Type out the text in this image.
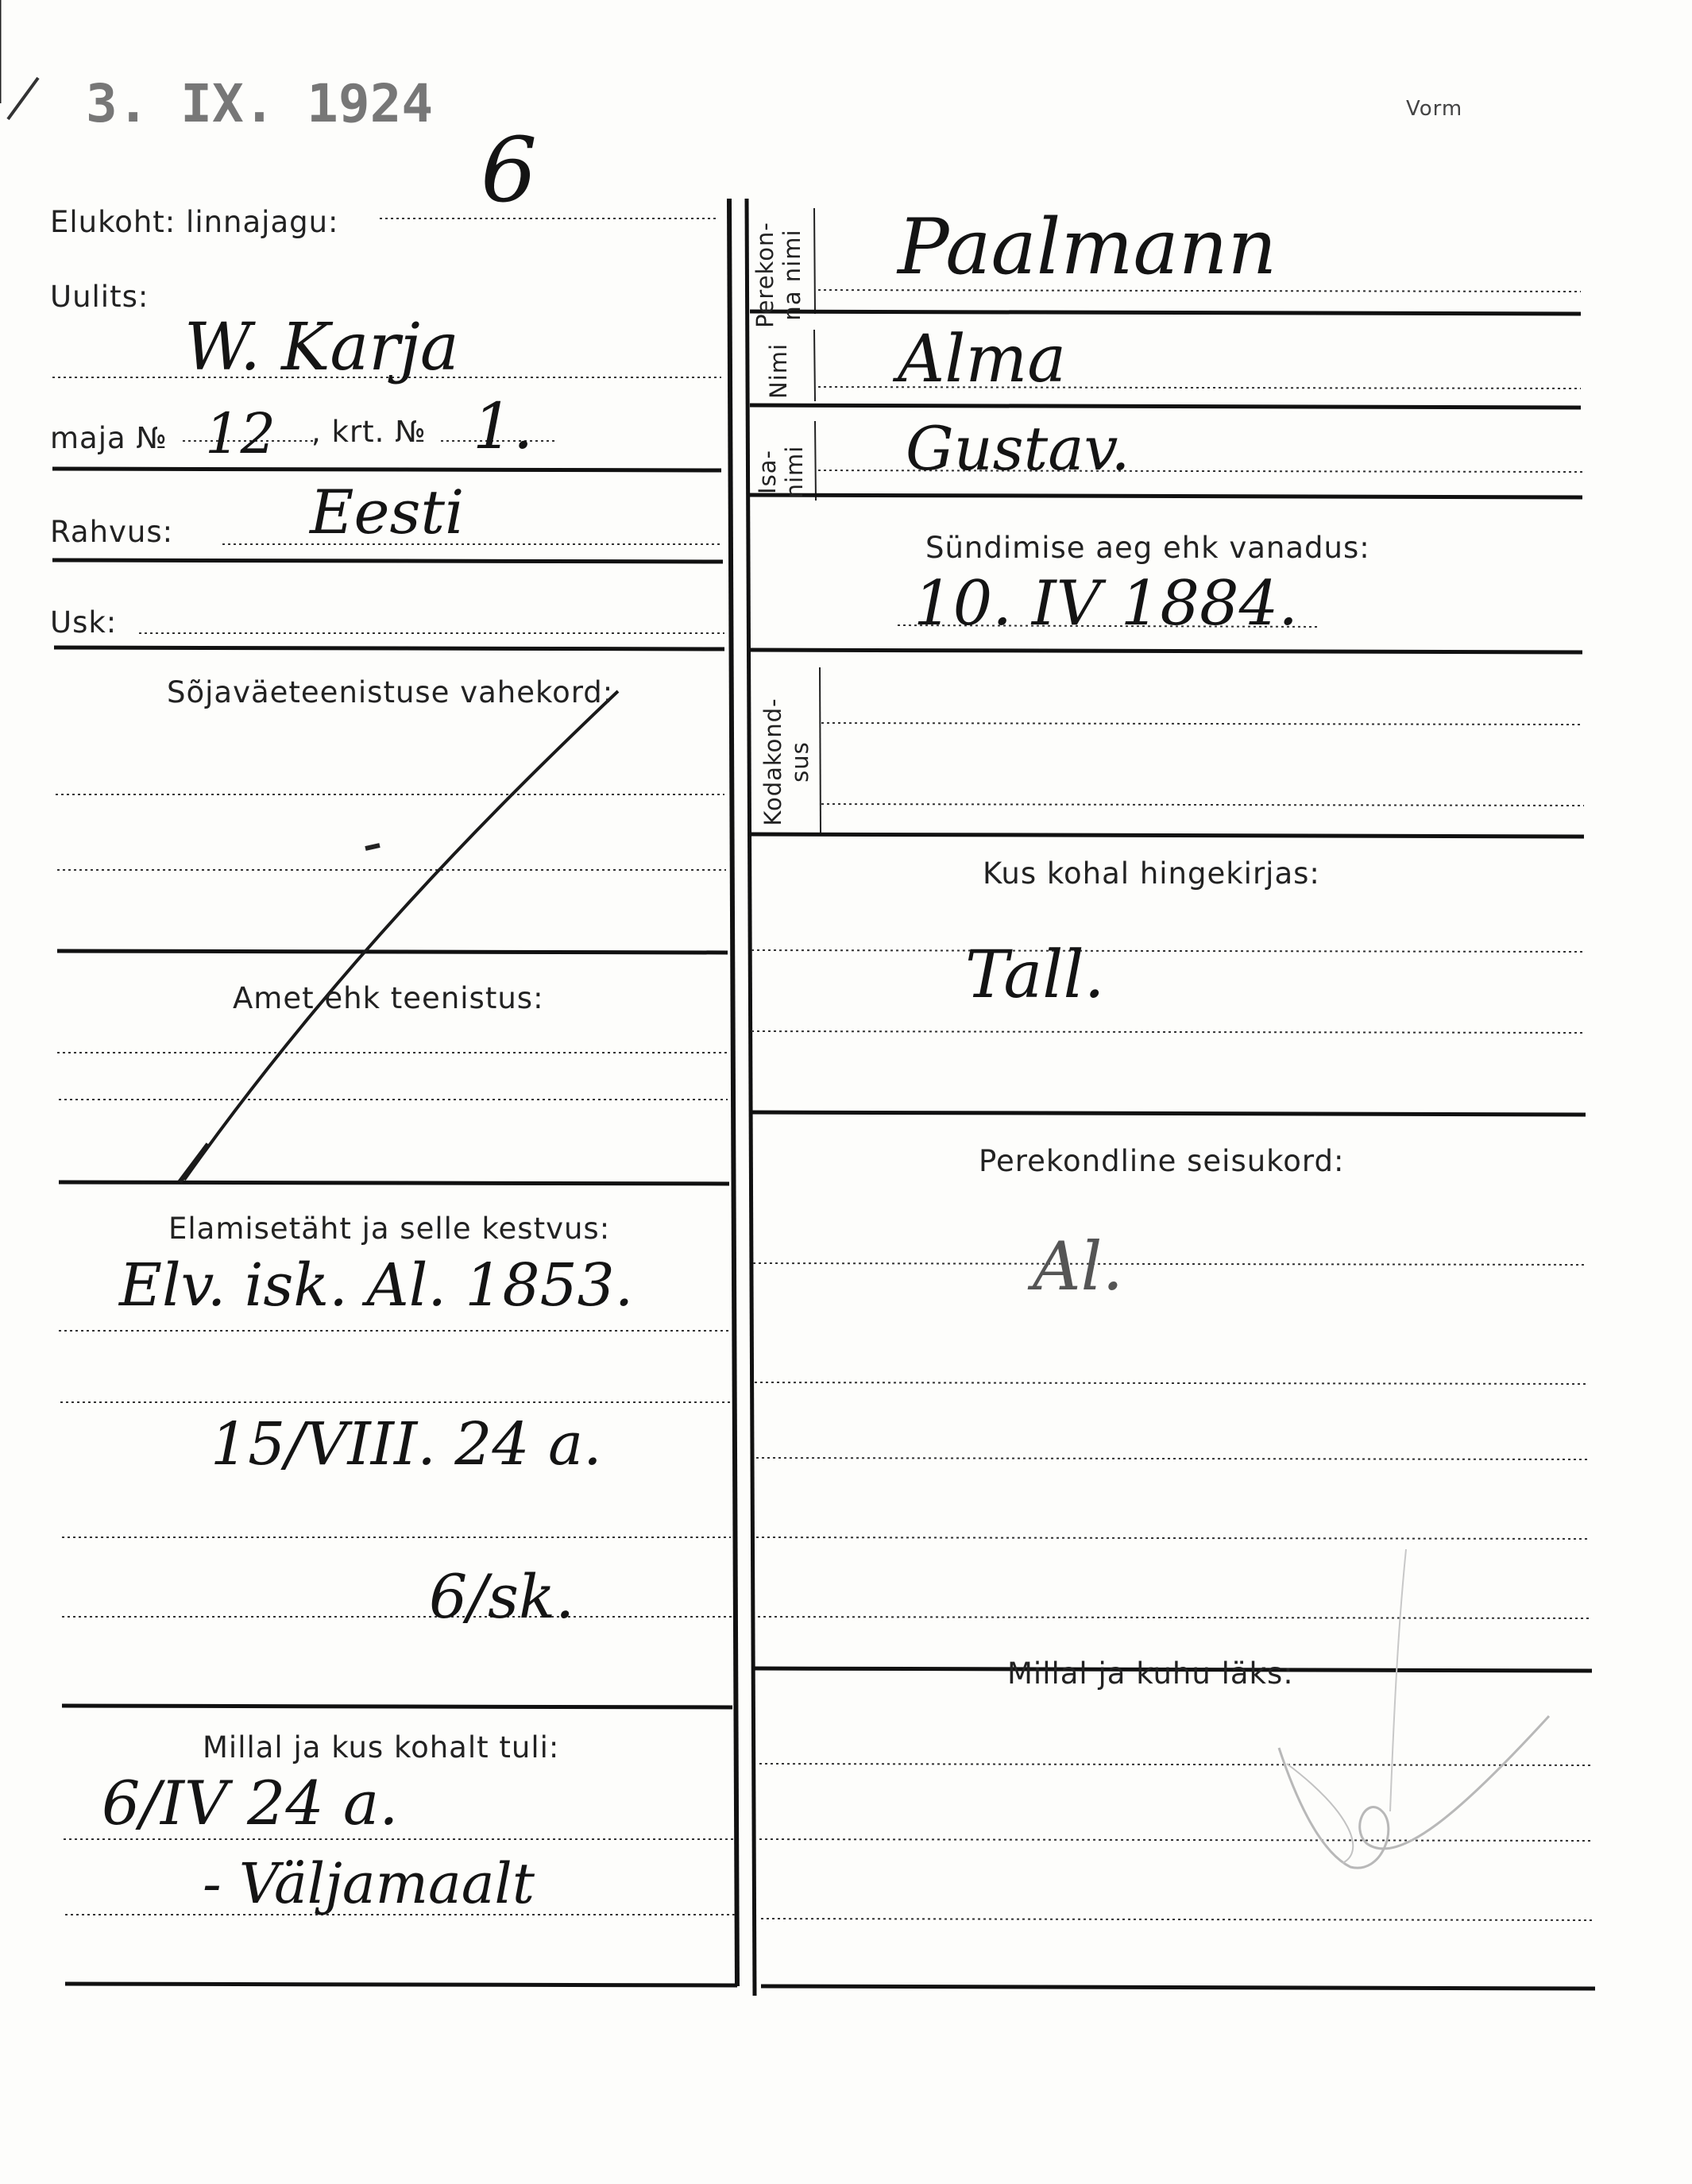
3. IX. 1924	Vorm
6
Elukoht: linnajagu:
Uulits:
W. Karja
maja № 12 , krt. № 1.
Rahvus: Eesti
Usk:
Sõjaväeteenistuse vahekord:
Amet ehk teenistus:
Elamisetäht ja selle kestvus:
Elv. isk. Al. 1853.
15/VIII. 24 a.
6/sk.
Millal ja kus kohalt tuli:
6/IV 24 a.
- Väljamaalt
Perekon-
na nimi
Nimi
Isa-
nimi
Kodakond-
sus
Paalmann
Alma
Gustav.
Sündimise aeg ehk vanadus:
10. IV 1884.
Kus kohal hingekirjas:
Tall.
Perekondline seisukord:
Al.
Millal ja kuhu läks:
